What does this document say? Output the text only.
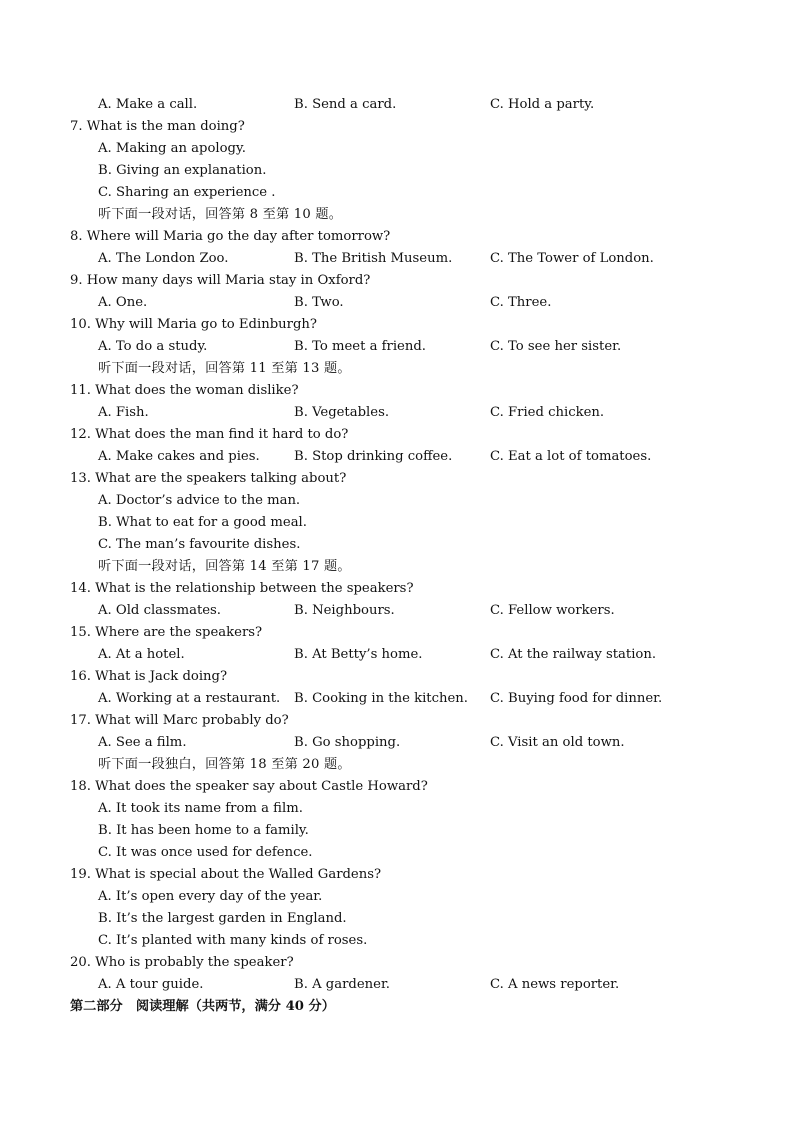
A. Make a call.	B. Send a card.	C. Hold a party.
7. What is the man doing?
A. Making an apology.
B. Giving an explanation.
C. Sharing an experience .
听下面一段对话，回答第 8 至第 10 题。
8. Where will Maria go the day after tomorrow?
A. The London Zoo.	B. The British Museum.	C. The Tower of London.
9. How many days will Maria stay in Oxford?
A. One.	B. Two.	C. Three.
10. Why will Maria go to Edinburgh?
A. To do a study.	B. To meet a friend.	C. To see her sister.
听下面一段对话，回答第 11 至第 13 题。
11. What does the woman dislike?
A. Fish.	B. Vegetables.	C. Fried chicken.
12. What does the man find it hard to do?
A. Make cakes and pies.	B. Stop drinking coffee.	C. Eat a lot of tomatoes.
13. What are the speakers talking about?
A. Doctor’s advice to the man.
B. What to eat for a good meal.
C. The man’s favourite dishes.
听下面一段对话，回答第 14 至第 17 题。
14. What is the relationship between the speakers?
A. Old classmates.	B. Neighbours.	C. Fellow workers.
15. Where are the speakers?
A. At a hotel.	B. At Betty’s home.	C. At the railway station.
16. What is Jack doing?
A. Working at a restaurant. B. Cooking in the kitchen. C. Buying food for dinner.
17. What will Marc probably do?
A. See a film.	B. Go shopping.	C. Visit an old town.
听下面一段独白，回答第 18 至第 20 题。
18. What does the speaker say about Castle Howard?
A. It took its name from a film.
B. It has been home to a family.
C. It was once used for defence.
19. What is special about the Walled Gardens?
A. It’s open every day of the year.
B. It’s the largest garden in England.
C. It’s planted with many kinds of roses.
20. Who is probably the speaker?
A. A tour guide.	B. A gardener.	C. A news reporter.
第二部分　阅读理解（共两节，满分 40 分）
